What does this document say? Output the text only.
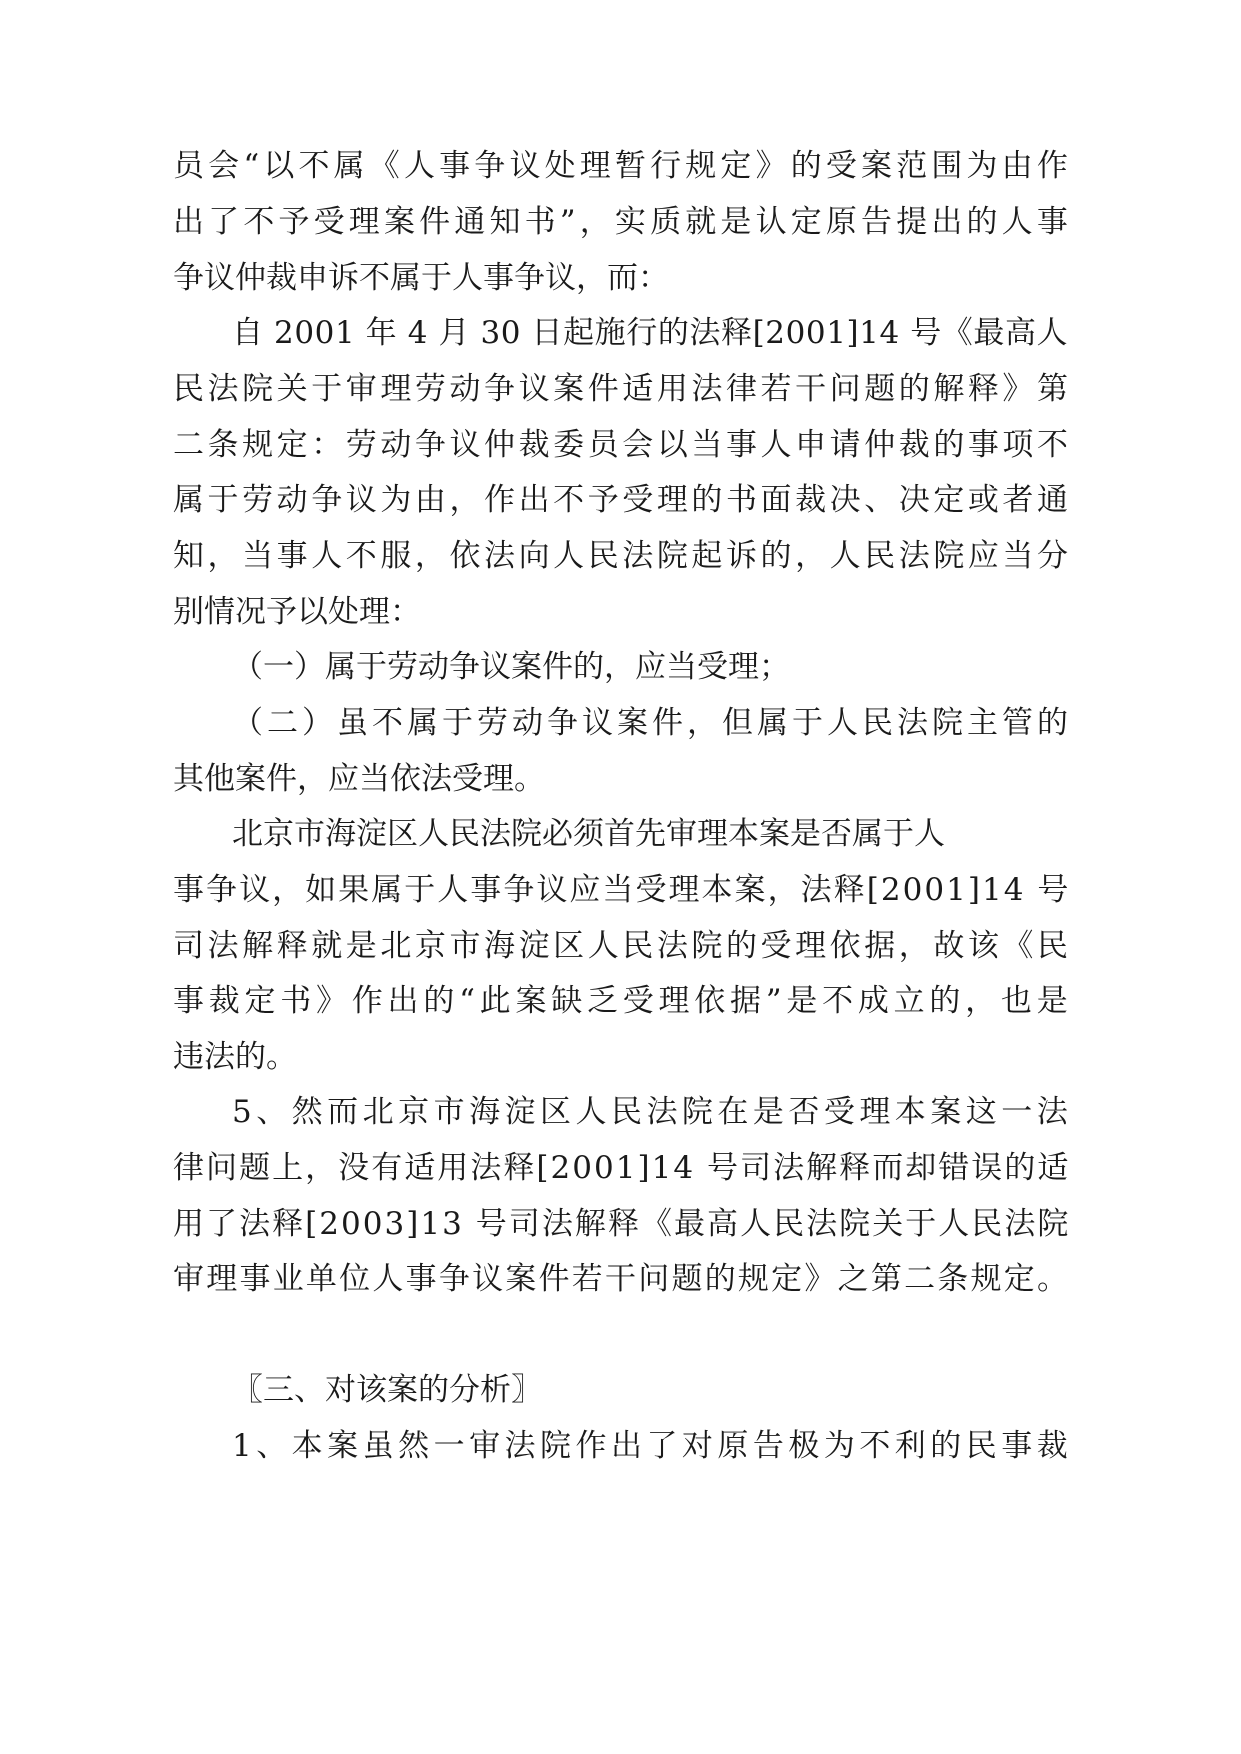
员会“以不属《人事争议处理暂行规定》的受案范围为由作
出了不予受理案件通知书”，实质就是认定原告提出的人事
争议仲裁申诉不属于人事争议，而：
自 2001 年 4 月 30 日起施行的法释[2001]14 号《最高人
民法院关于审理劳动争议案件适用法律若干问题的解释》第
二条规定：劳动争议仲裁委员会以当事人申请仲裁的事项不
属于劳动争议为由，作出不予受理的书面裁决、决定或者通
知，当事人不服，依法向人民法院起诉的，人民法院应当分
别情况予以处理：
（一）属于劳动争议案件的，应当受理；
（二）虽不属于劳动争议案件，但属于人民法院主管的
其他案件，应当依法受理。
北京市海淀区人民法院必须首先审理本案是否属于人
事争议，如果属于人事争议应当受理本案，法释[2001]14 号
司法解释就是北京市海淀区人民法院的受理依据，故该《民
事裁定书》作出的“此案缺乏受理依据”是不成立的，也是
违法的。
5、然而北京市海淀区人民法院在是否受理本案这一法
律问题上，没有适用法释[2001]14 号司法解释而却错误的适
用了法释[2003]13 号司法解释《最高人民法院关于人民法院
审理事业单位人事争议案件若干问题的规定》之第二条规定。
〖三、对该案的分析〗
1、本案虽然一审法院作出了对原告极为不利的民事裁
